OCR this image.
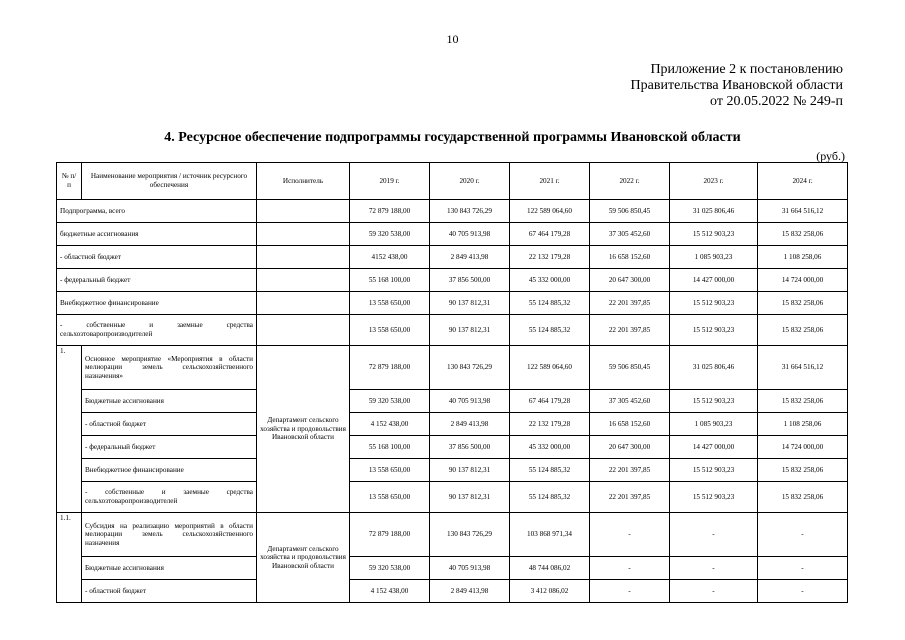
10
Приложение 2 к постановлению
Правительства Ивановской области
от 20.05.2022 № 249-п
4. Ресурсное обеспечение подпрограммы государственной программы Ивановской области
(руб.)
№ п/п	Наименование мероприятия / источник ресурсного обеспечения	Исполнитель	2019 г.	2020 г.	2021 г.	2022 г.	2023 г.	2024 г.
Подпрограмма, всего			72 879 188,00	130 843 726,29	122 589 064,60	59 506 850,45	31 025 806,46	31 664 516,12
бюджетные ассигнования			59 320 538,00	40 705 913,98	67 464 179,28	37 305 452,60	15 512 903,23	15 832 258,06
- областной бюджет			4152 438,00	2 849 413,98	22 132 179,28	16 658 152,60	1 085 903,23	1 108 258,06
- федеральный бюджет			55 168 100,00	37 856 500,00	45 332 000,00	20 647 300,00	14 427 000,00	14 724 000,00
Внебюджетное финансирование			13 558 650,00	90 137 812,31	55 124 885,32	22 201 397,85	15 512 903,23	15 832 258,06
- собственные и заемные средства сельхозтоваропроизводителей			13 558 650,00	90 137 812,31	55 124 885,32	22 201 397,85	15 512 903,23	15 832 258,06
1.	Основное мероприятие «Мероприятия в области мелиорации земель сельскохозяйственного назначения»	Департамент сельского хозяйства и продовольствия Ивановской области	72 879 188,00	130 843 726,29	122 589 064,60	59 506 850,45	31 025 806,46	31 664 516,12
	Бюджетные ассигнования		59 320 538,00	40 705 913,98	67 464 179,28	37 305 452,60	15 512 903,23	15 832 258,06
	- областной бюджет		4 152 438,00	2 849 413,98	22 132 179,28	16 658 152,60	1 085 903,23	1 108 258,06
	- федеральный бюджет		55 168 100,00	37 856 500,00	45 332 000,00	20 647 300,00	14 427 000,00	14 724 000,00
	Внебюджетное финансирование		13 558 650,00	90 137 812,31	55 124 885,32	22 201 397,85	15 512 903,23	15 832 258,06
	- собственные и заемные средства сельхозтоваропроизводителей		13 558 650,00	90 137 812,31	55 124 885,32	22 201 397,85	15 512 903,23	15 832 258,06
1.1.	Субсидия на реализацию мероприятий в области мелиорации земель сельскохозяйственного назначения	Департамент сельского хозяйства и продовольствия Ивановской области	72 879 188,00	130 843 726,29	103 868 971,34	-	-	-
	Бюджетные ассигнования		59 320 538,00	40 705 913,98	48 744 086,02	-	-	-
	- областной бюджет		4 152 438,00	2 849 413,98	3 412 086,02	-	-	-
